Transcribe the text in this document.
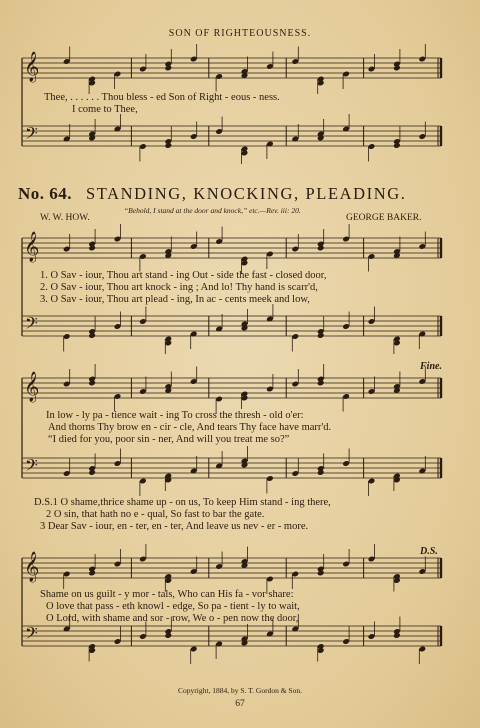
SON OF RIGHTEOUSNESS.
𝄞
𝄢
𝄞
𝄢
𝄞
𝄢
𝄞
𝄢
Thee, . . . . . . Thou bless - ed Son of Right - eous - ness.
I come to Thee,
No. 64. STANDING, KNOCKING, PLEADING.
“Behold, I stand at the door and knock,” etc.—Rev. iii: 20.
W. W. HOW.	GEORGE BAKER.
1. O Sav - iour, Thou art stand - ing Out - side the fast - closed door,
2. O Sav - iour, Thou art knock - ing ; And lo! Thy hand is scarr'd,
3. O Sav - iour, Thou art plead - ing, In ac - cents meek and low,
Fine.
In low - ly pa - tience wait - ing To cross the thresh - old o'er:
And thorns Thy brow en - cir - cle, And tears Thy face have marr'd.
“I died for you, poor sin - ner, And will you treat me so?”
D.S.1 O shame,thrice shame up - on us, To keep Him stand - ing there,
2 O sin, that hath no e - qual, So fast to bar the gate.
3 Dear Sav - iour, en - ter, en - ter, And leave us nev - er - more.
D.S.
Shame on us guilt - y mor - tals, Who can His fa - vor share:
O love that pass - eth knowl - edge, So pa - tient - ly to wait,
O Lord, with shame and sor - row, We o - pen now the door,
Copyright, 1884, by S. T. Gordon & Son.
67
